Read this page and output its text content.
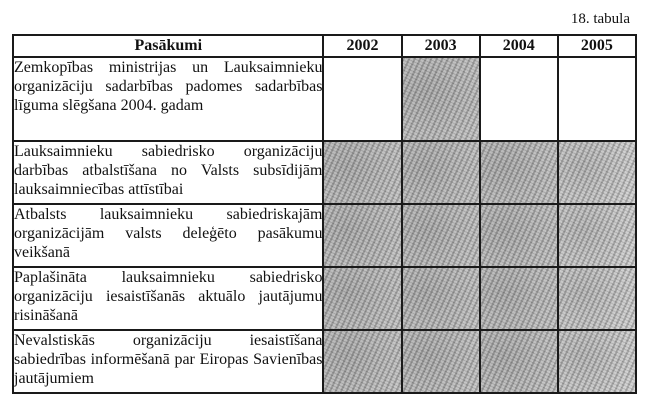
18. tabula
Pasākumi	2002	2003	2004	2005
Zemkopības ministrijas un Lauksaimnieku organizāciju sadarbības padomes sadarbības līguma slēgšana 2004. gadam				
Lauksaimnieku sabiedrisko organizāciju darbības atbalstīšana no Valsts subsīdijām lauksaimniecības attīstībai				
Atbalsts lauksaimnieku sabiedriskajām organizācijām valsts deleģēto pasākumu veikšanā				
Paplašināta lauksaimnieku sabiedrisko organizāciju iesaistīšanās aktuālo jautājumu risināšanā				
Nevalstiskās organizāciju iesaistīšana sabiedrības informēšanā par Eiropas Savienības jautājumiem				
